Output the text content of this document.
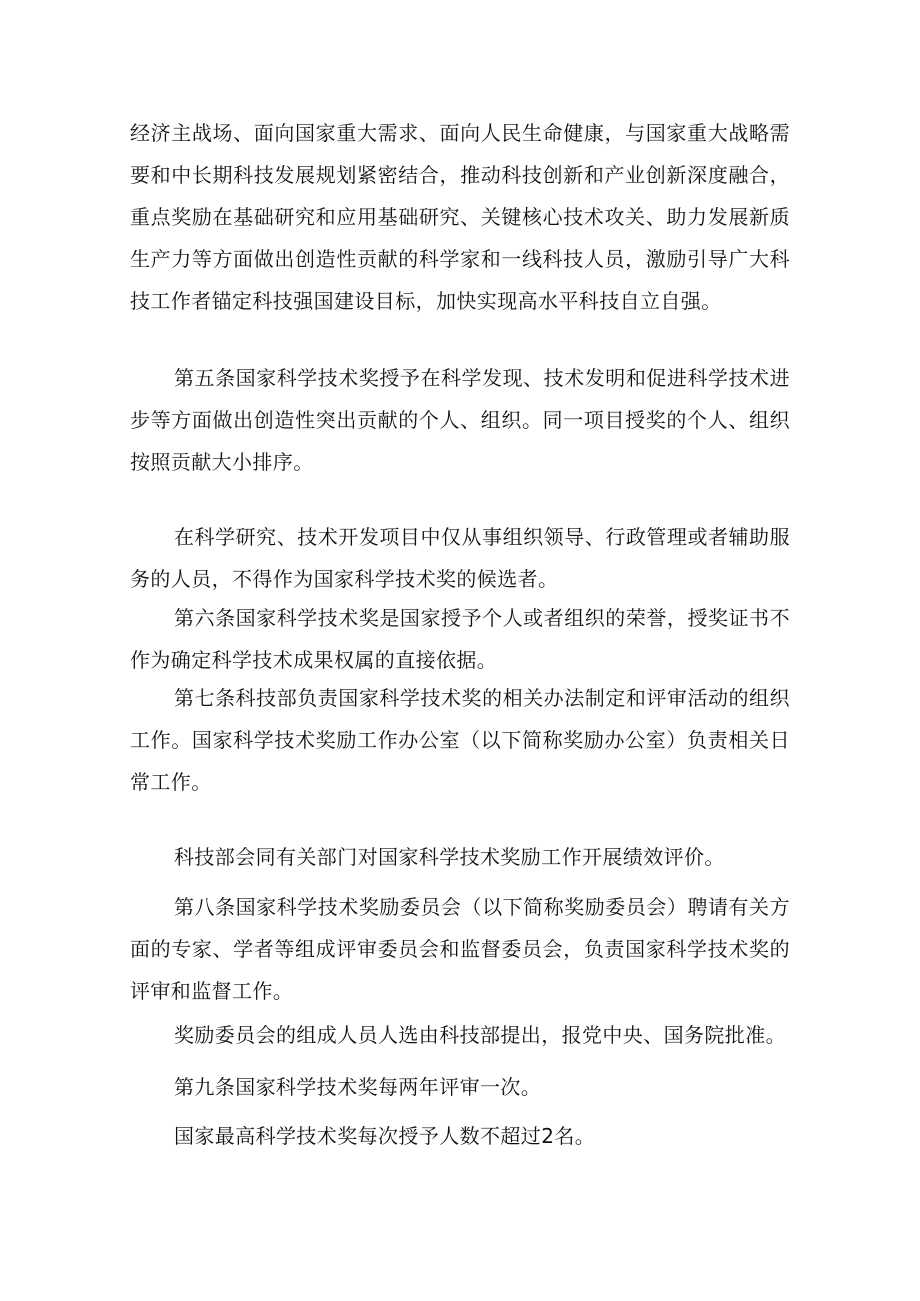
经济主战场、面向国家重大需求、面向人民生命健康，与国家重大战略需要和中长期科技发展规划紧密结合，推动科技创新和产业创新深度融合，重点奖励在基础研究和应用基础研究、关键核心技术攻关、助力发展新质生产力等方面做出创造性贡献的科学家和一线科技人员，激励引导广大科技工作者锚定科技强国建设目标，加快实现高水平科技自立自强。

第五条国家科学技术奖授予在科学发现、技术发明和促进科学技术进步等方面做出创造性突出贡献的个人、组织。同一项目授奖的个人、组织按照贡献大小排序。

在科学研究、技术开发项目中仅从事组织领导、行政管理或者辅助服务的人员，不得作为国家科学技术奖的候选者。

第六条国家科学技术奖是国家授予个人或者组织的荣誉，授奖证书不作为确定科学技术成果权属的直接依据。

第七条科技部负责国家科学技术奖的相关办法制定和评审活动的组织工作。国家科学技术奖励工作办公室（以下简称奖励办公室）负责相关日常工作。

科技部会同有关部门对国家科学技术奖励工作开展绩效评价。

第八条国家科学技术奖励委员会（以下简称奖励委员会）聘请有关方面的专家、学者等组成评审委员会和监督委员会，负责国家科学技术奖的评审和监督工作。

奖励委员会的组成人员人选由科技部提出，报党中央、国务院批准。

第九条国家科学技术奖每两年评审一次。

国家最高科学技术奖每次授予人数不超过2名。
